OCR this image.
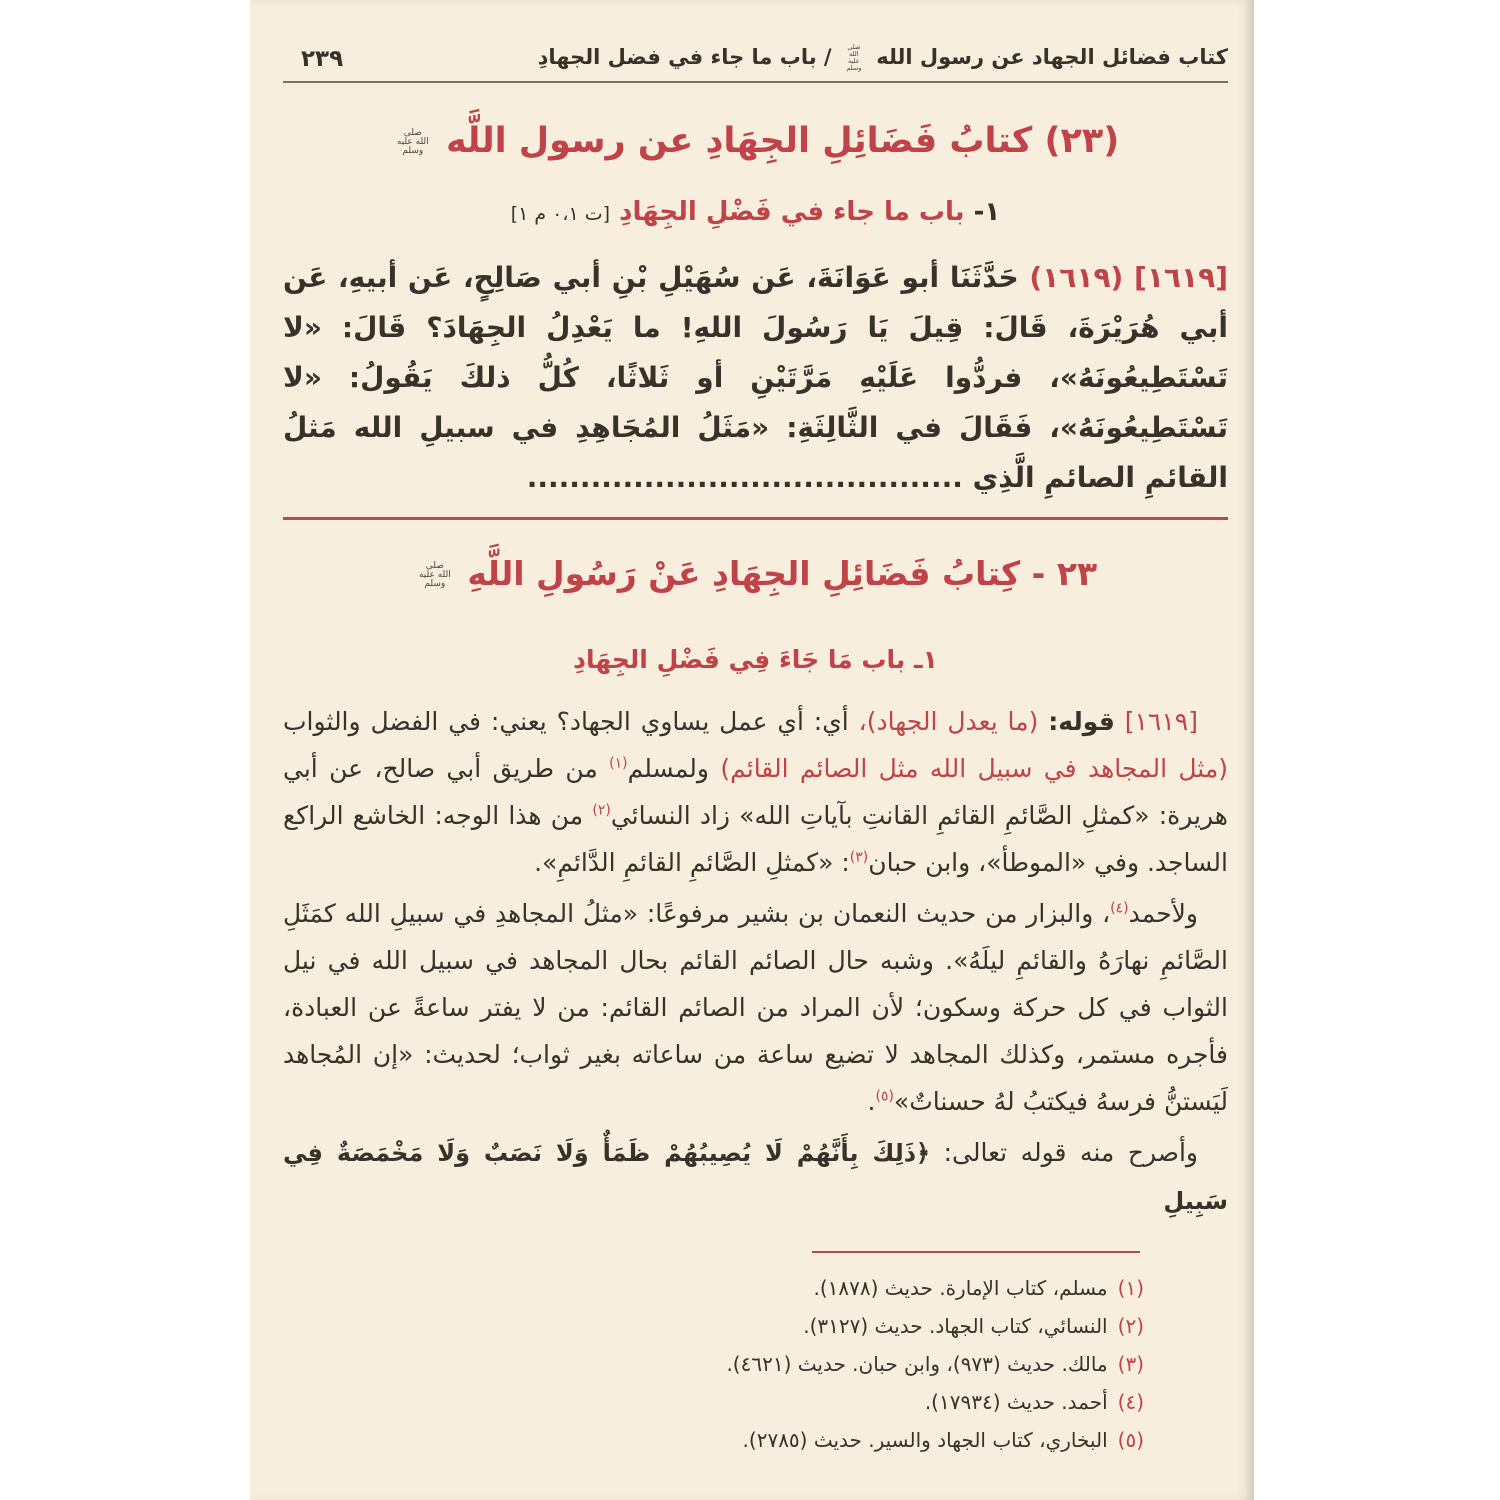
٢٣٩	كتاب فضائل الجهاد عن رسول الله صلى الله عليه وسلم / باب ما جاء في فضل الجهادِ
(٢٣) كتابُ فَضَائِلِ الجِهَادِ عن رسول اللَّه صلى الله عليه وسلم
١- باب ما جاء في فَضْلِ الجِهَادِ [ت ٠،١ م ١]
[١٦١٩] (١٦١٩) حَدَّثَنَا أبو عَوَانَةَ، عَن سُهَيْلِ بْنِ أبي صَالِحٍ، عَن أبيهِ، عَن أبي هُرَيْرَةَ، قَالَ: قِيلَ يَا رَسُولَ اللهِ! ما يَعْدِلُ الجِهَادَ؟ قَالَ: «لا تَسْتَطِيعُونَهُ»، فردُّوا عَلَيْهِ مَرَّتَيْنِ أو ثَلاثًا، كُلُّ ذلكَ يَقُولُ: «لا تَسْتَطِيعُونَهُ»، فَقَالَ في الثَّالِثَةِ: «مَثَلُ المُجَاهِدِ في سبيلِ الله مَثلُ القائمِ الصائمِ الَّذِي .........................................
٢٣ - كِتابُ فَضَائِلِ الجِهَادِ عَنْ رَسُولِ اللَّهِ صلى الله عليه وسلم
١ـ باب مَا جَاءَ فِي فَضْلِ الجِهَادِ
[١٦١٩] قوله: (ما يعدل الجهاد)، أي: أي عمل يساوي الجهاد؟ يعني: في الفضل والثواب (مثل المجاهد في سبيل الله مثل الصائم القائم) ولمسلم$^{(١)}$ من طريق أبي صالح، عن أبي هريرة: «كمثلِ الصَّائمِ القائمِ القانتِ بآياتِ الله» زاد النسائي$^{(٢)}$ من هذا الوجه: الخاشع الراكع الساجد. وفي «الموطأ»، وابن حبان$^{(٣)}$: «كمثلِ الصَّائمِ القائمِ الدَّائمِ».
ولأحمد$^{(٤)}$، والبزار من حديث النعمان بن بشير مرفوعًا: «مثلُ المجاهدِ في سبيلِ الله كمَثَلِ الصَّائمِ نهارَهُ والقائمِ ليلَهُ». وشبه حال الصائم القائم بحال المجاهد في سبيل الله في نيل الثواب في كل حركة وسكون؛ لأن المراد من الصائم القائم: من لا يفتر ساعةً عن العبادة، فأجره مستمر، وكذلك المجاهد لا تضيع ساعة من ساعاته بغير ثواب؛ لحديث: «إن المُجاهد لَيَستنُّ فرسهُ فيكتبُ لهُ حسناتٌ»$^{(٥)}$.
وأصرح منه قوله تعالى: ﴿ذَلِكَ بِأَنَّهُمْ لَا يُصِيبُهُمْ ظَمَأٌ وَلَا نَصَبٌ وَلَا مَخْمَصَةٌ فِي سَبِيلِ
(١)
مسلم، كتاب الإمارة. حديث (١٨٧٨).
(٢)
النسائي، كتاب الجهاد. حديث (٣١٢٧).
(٣)
مالك. حديث (٩٧٣)، وابن حبان. حديث (٤٦٢١).
(٤)
أحمد. حديث (١٧٩٣٤).
(٥)
البخاري، كتاب الجهاد والسير. حديث (٢٧٨٥).
